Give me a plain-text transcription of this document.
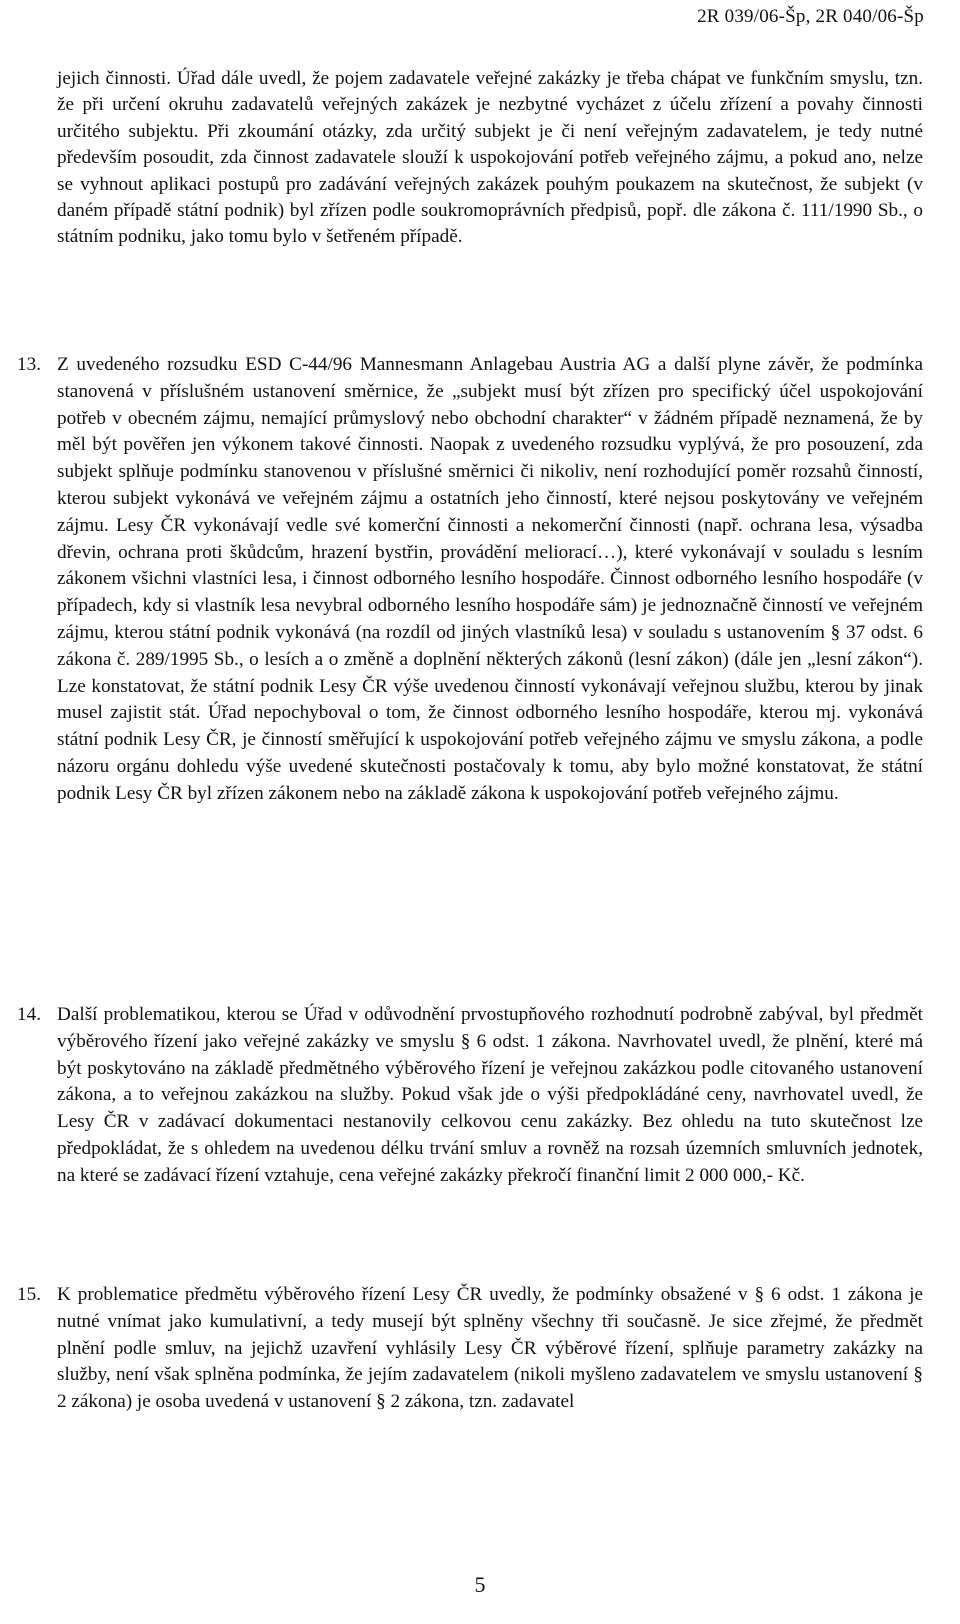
2R 039/06-Šp, 2R 040/06-Šp

jejich činnosti. Úřad dále uvedl, že pojem zadavatele veřejné zakázky je třeba chápat ve funkčním smyslu, tzn. že při určení okruhu zadavatelů veřejných zakázek je nezbytné vycházet z účelu zřízení a povahy činnosti určitého subjektu. Při zkoumání otázky, zda určitý subjekt je či není veřejným zadavatelem, je tedy nutné především posoudit, zda činnost zadavatele slouží k uspokojování potřeb veřejného zájmu, a pokud ano, nelze se vyhnout aplikaci postupů pro zadávání veřejných zakázek pouhým poukazem na skutečnost, že subjekt (v daném případě státní podnik) byl zřízen podle soukromoprávních předpisů, popř. dle zákona č. 111/1990 Sb., o státním podniku, jako tomu bylo v šetřeném případě.

13. Z uvedeného rozsudku ESD C-44/96 Mannesmann Anlagebau Austria AG a další plyne závěr, že podmínka stanovená v příslušném ustanovení směrnice, že „subjekt musí být zřízen pro specifický účel uspokojování potřeb v obecném zájmu, nemající průmyslový nebo obchodní charakter“ v žádném případě neznamená, že by měl být pověřen jen výkonem takové činnosti. Naopak z uvedeného rozsudku vyplývá, že pro posouzení, zda subjekt splňuje podmínku stanovenou v příslušné směrnici či nikoliv, není rozhodující poměr rozsahů činností, kterou subjekt vykonává ve veřejném zájmu a ostatních jeho činností, které nejsou poskytovány ve veřejném zájmu. Lesy ČR vykonávají vedle své komerční činnosti a nekomerční činnosti (např. ochrana lesa, výsadba dřevin, ochrana proti škůdcům, hrazení bystřin, provádění meliorací…), které vykonávají v souladu s lesním zákonem všichni vlastníci lesa, i činnost odborného lesního hospodáře. Činnost odborného lesního hospodáře (v případech, kdy si vlastník lesa nevybral odborného lesního hospodáře sám) je jednoznačně činností ve veřejném zájmu, kterou státní podnik vykonává (na rozdíl od jiných vlastníků lesa) v souladu s ustanovením § 37 odst. 6 zákona č. 289/1995 Sb., o lesích a o změně a doplnění některých zákonů (lesní zákon) (dále jen „lesní zákon“). Lze konstatovat, že státní podnik Lesy ČR výše uvedenou činností vykonávají veřejnou službu, kterou by jinak musel zajistit stát. Úřad nepochyboval o tom, že činnost odborného lesního hospodáře, kterou mj. vykonává státní podnik Lesy ČR, je činností směřující k uspokojování potřeb veřejného zájmu ve smyslu zákona, a podle názoru orgánu dohledu výše uvedené skutečnosti postačovaly k tomu, aby bylo možné konstatovat, že státní podnik Lesy ČR byl zřízen zákonem nebo na základě zákona k uspokojování potřeb veřejného zájmu.

14. Další problematikou, kterou se Úřad v odůvodnění prvostupňového rozhodnutí podrobně zabýval, byl předmět výběrového řízení jako veřejné zakázky ve smyslu § 6 odst. 1 zákona. Navrhovatel uvedl, že plnění, které má být poskytováno na základě předmětného výběrového řízení je veřejnou zakázkou podle citovaného ustanovení zákona, a to veřejnou zakázkou na služby. Pokud však jde o výši předpokládáné ceny, navrhovatel uvedl, že Lesy ČR v zadávací dokumentaci nestanovily celkovou cenu zakázky. Bez ohledu na tuto skutečnost lze předpokládat, že s ohledem na uvedenou délku trvání smluv a rovněž na rozsah územních smluvních jednotek, na které se zadávací řízení vztahuje, cena veřejné zakázky překročí finanční limit 2 000 000,- Kč.

15. K problematice předmětu výběrového řízení Lesy ČR uvedly, že podmínky obsažené v § 6 odst. 1 zákona je nutné vnímat jako kumulativní, a tedy musejí být splněny všechny tři současně. Je sice zřejmé, že předmět plnění podle smluv, na jejichž uzavření vyhlásily Lesy ČR výběrové řízení, splňuje parametry zakázky na služby, není však splněna podmínka, že jejím zadavatelem (nikoli myšleno zadavatelem ve smyslu ustanovení § 2 zákona) je osoba uvedená v ustanovení § 2 zákona, tzn. zadavatel

5
